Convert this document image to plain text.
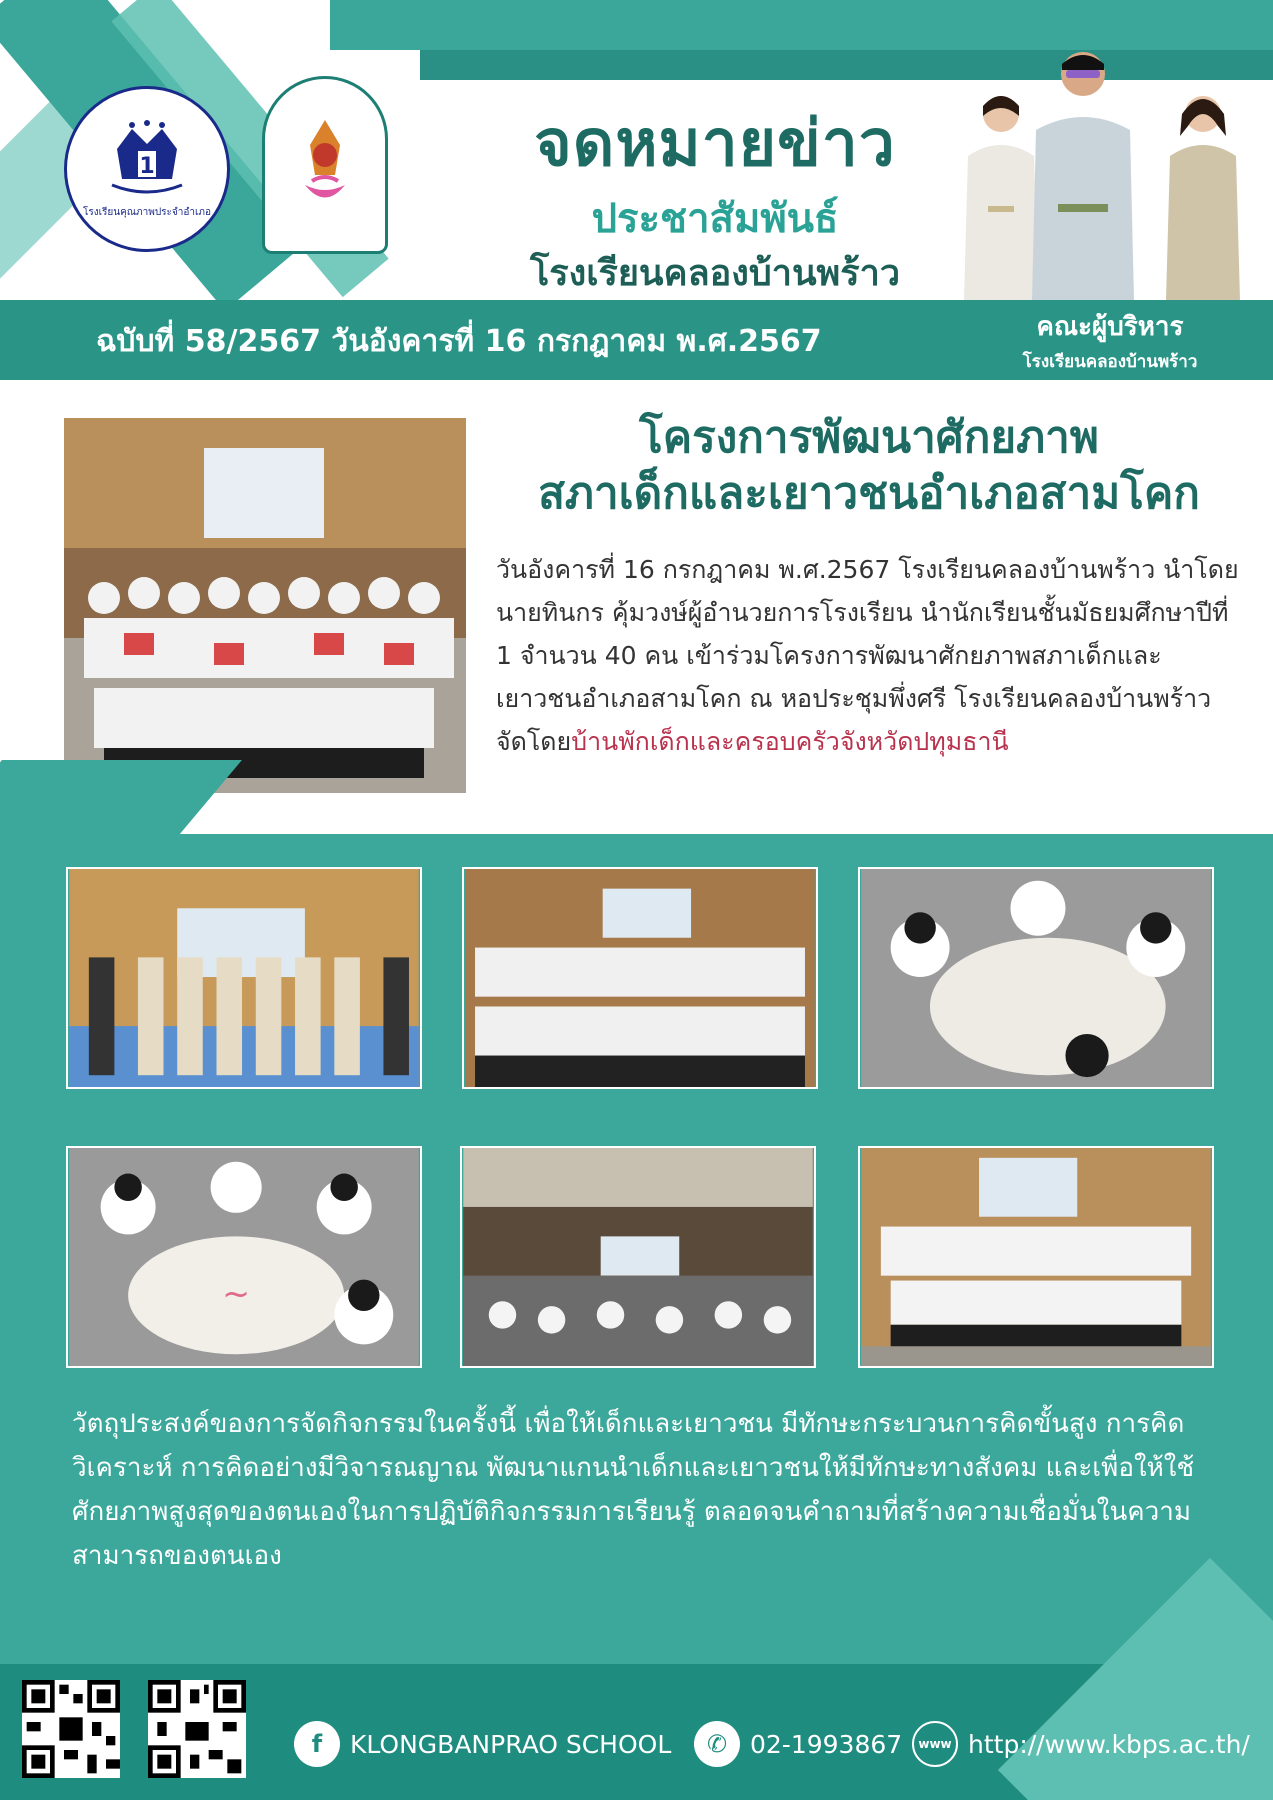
1
โรงเรียนคุณภาพประจำอำเภอ
จดหมายข่าว
ประชาสัมพันธ์
โรงเรียนคลองบ้านพร้าว
ฉบับที่ 58/2567 วันอังคารที่ 16 กรกฎาคม พ.ศ.2567	คณะผู้บริหาร
โรงเรียนคลองบ้านพร้าว
โครงการพัฒนาศักยภาพ
สภาเด็กและเยาวชนอำเภอสามโคก
วันอังคารที่ 16 กรกฎาคม พ.ศ.2567 โรงเรียนคลองบ้านพร้าว นำโดย นายทินกร คุ้มวงษ์ผู้อำนวยการโรงเรียน นำนักเรียนชั้นมัธยมศึกษาปีที่ 1 จำนวน 40 คน เข้าร่วมโครงการพัฒนาศักยภาพสภาเด็กและเยาวชนอำเภอสามโคก ณ หอประชุมพึ่งศรี โรงเรียนคลองบ้านพร้าว จัดโดยบ้านพักเด็กและครอบครัวจังหวัดปทุมธานี
~
วัตถุประสงค์ของการจัดกิจกรรมในครั้งนี้ เพื่อให้เด็กและเยาวชน มีทักษะกระบวนการคิดขั้นสูง การคิดวิเคราะห์ การคิดอย่างมีวิจารณญาณ พัฒนาแกนนำเด็กและเยาวชนให้มีทักษะทางสังคม และเพื่อให้ใช้ศักยภาพสูงสุดของตนเองในการปฏิบัติกิจกรรมการเรียนรู้ ตลอดจนคำถามที่สร้างความเชื่อมั่นในความสามารถของตนเอง
f	KLONGBANPRAO SCHOOL	✆ 02-1993867	www http://www.kbps.ac.th/
